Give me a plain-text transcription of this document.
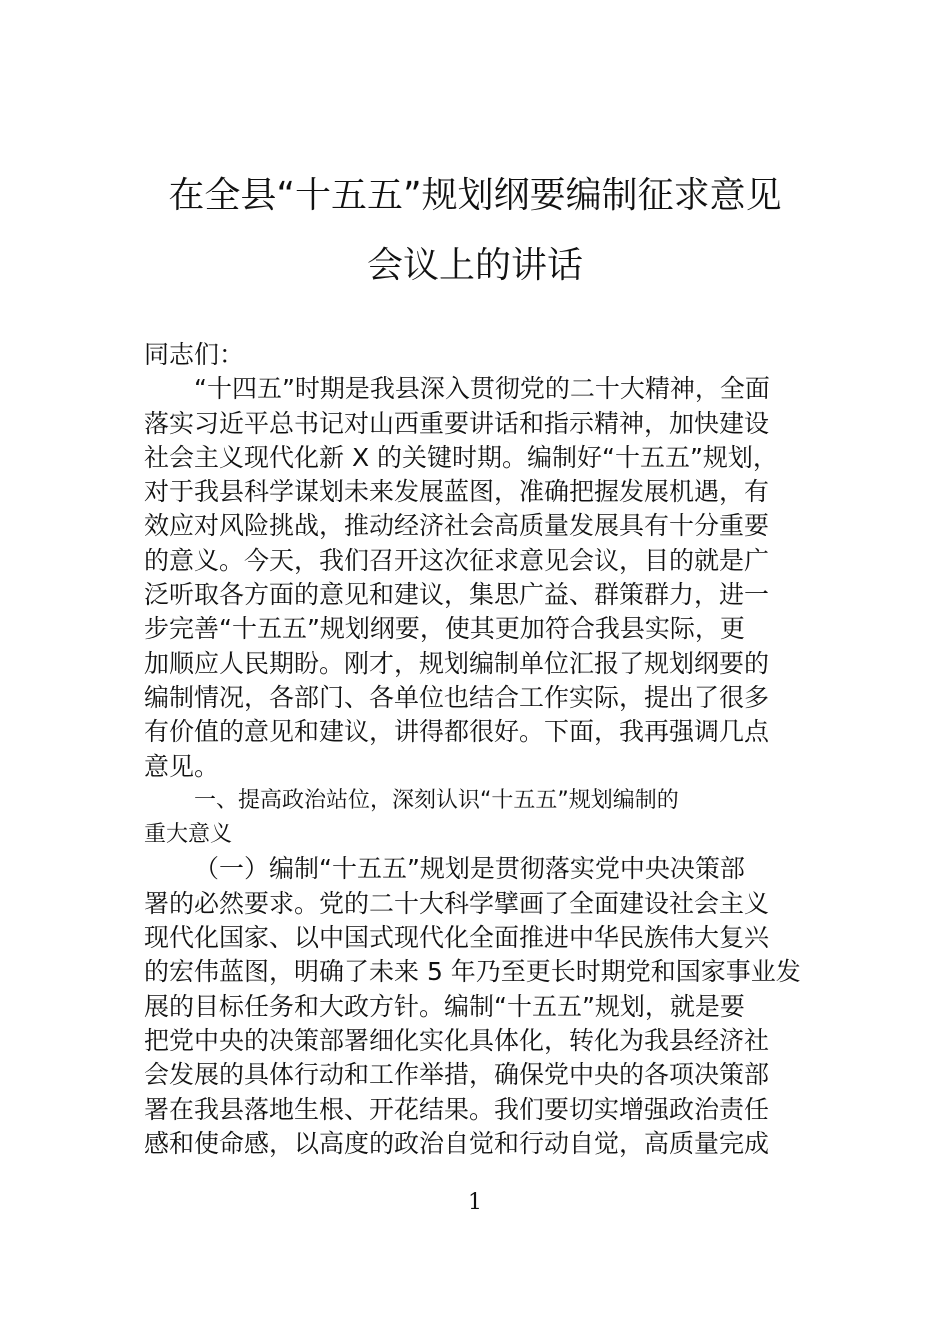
在全县“十五五”规划纲要编制征求意见
会议上的讲话
同志们：
“十四五”时期是我县深入贯彻党的二十大精神，全面
落实习近平总书记对山西重要讲话和指示精神，加快建设
社会主义现代化新 X 的关键时期。编制好“十五五”规划，
对于我县科学谋划未来发展蓝图，准确把握发展机遇，有
效应对风险挑战，推动经济社会高质量发展具有十分重要
的意义。今天，我们召开这次征求意见会议，目的就是广
泛听取各方面的意见和建议，集思广益、群策群力，进一
步完善“十五五”规划纲要，使其更加符合我县实际，更
加顺应人民期盼。刚才，规划编制单位汇报了规划纲要的
编制情况，各部门、各单位也结合工作实际，提出了很多
有价值的意见和建议，讲得都很好。下面，我再强调几点
意见。
一、提高政治站位，深刻认识“十五五”规划编制的
重大意义
（一）编制“十五五”规划是贯彻落实党中央决策部
署的必然要求。党的二十大科学擘画了全面建设社会主义
现代化国家、以中国式现代化全面推进中华民族伟大复兴
的宏伟蓝图，明确了未来 5 年乃至更长时期党和国家事业发
展的目标任务和大政方针。编制“十五五”规划，就是要
把党中央的决策部署细化实化具体化，转化为我县经济社
会发展的具体行动和工作举措，确保党中央的各项决策部
署在我县落地生根、开花结果。我们要切实增强政治责任
感和使命感，以高度的政治自觉和行动自觉，高质量完成
1
